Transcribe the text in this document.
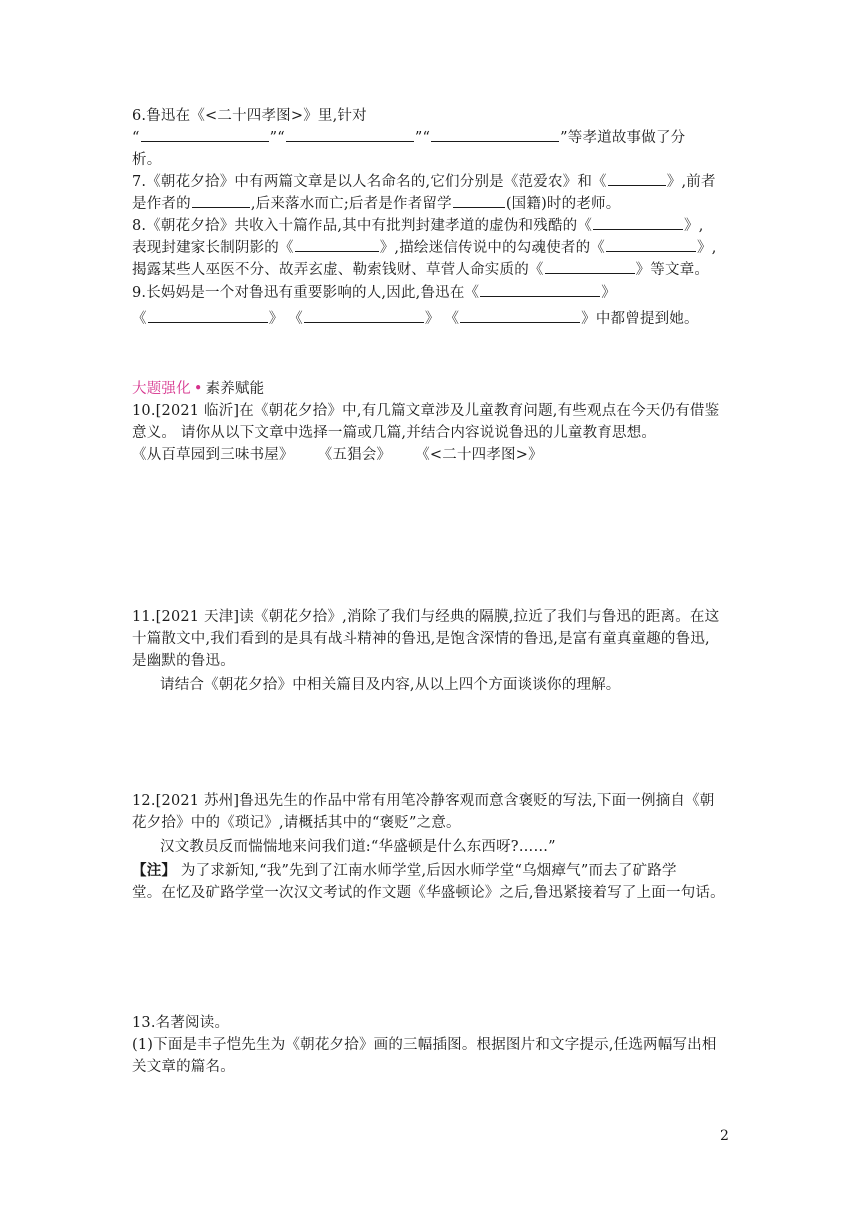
6.鲁迅在《<二十四孝图>》里,针对
“	”“	”“	”等孝道故事做了分
析。
7.《朝花夕拾》中有两篇文章是以人名命名的,它们分别是《范爱农》和《	》,前者
是作者的	,后来落水而亡;后者是作者留学	(国籍)时的老师。
8.《朝花夕拾》共收入十篇作品,其中有批判封建孝道的虚伪和残酷的《	》,
表现封建家长制阴影的《	》,描绘迷信传说中的勾魂使者的《	》,
揭露某些人巫医不分、故弄玄虚、勒索钱财、草菅人命实质的《	》等文章。
9.长妈妈是一个对鲁迅有重要影响的人,因此,鲁迅在《	》
《	》 《	》 《	》中都曾提到她。
大题强化 • 素养赋能
10.[2021 临沂]在《朝花夕拾》中,有几篇文章涉及儿童教育问题,有些观点在今天仍有借鉴
意义。 请你从以下文章中选择一篇或几篇,并结合内容说说鲁迅的儿童教育思想。
《从百草园到三味书屋》 《五猖会》 《<二十四孝图>》
11.[2021 天津]读《朝花夕拾》,消除了我们与经典的隔膜,拉近了我们与鲁迅的距离。在这
十篇散文中,我们看到的是具有战斗精神的鲁迅,是饱含深情的鲁迅,是富有童真童趣的鲁迅,
是幽默的鲁迅。
请结合《朝花夕拾》中相关篇目及内容,从以上四个方面谈谈你的理解。
12.[2021 苏州]鲁迅先生的作品中常有用笔冷静客观而意含褒贬的写法,下面一例摘自《朝
花夕拾》中的《琐记》,请概括其中的“褒贬”之意。
汉文教员反而惴惴地来问我们道:“华盛顿是什么东西呀?……”
【注】 为了求新知,“我”先到了江南水师学堂,后因水师学堂“乌烟瘴气”而去了矿路学
堂。在忆及矿路学堂一次汉文考试的作文题《华盛顿论》之后,鲁迅紧接着写了上面一句话。
13.名著阅读。
(1)下面是丰子恺先生为《朝花夕拾》画的三幅插图。根据图片和文字提示,任选两幅写出相
关文章的篇名。
2
